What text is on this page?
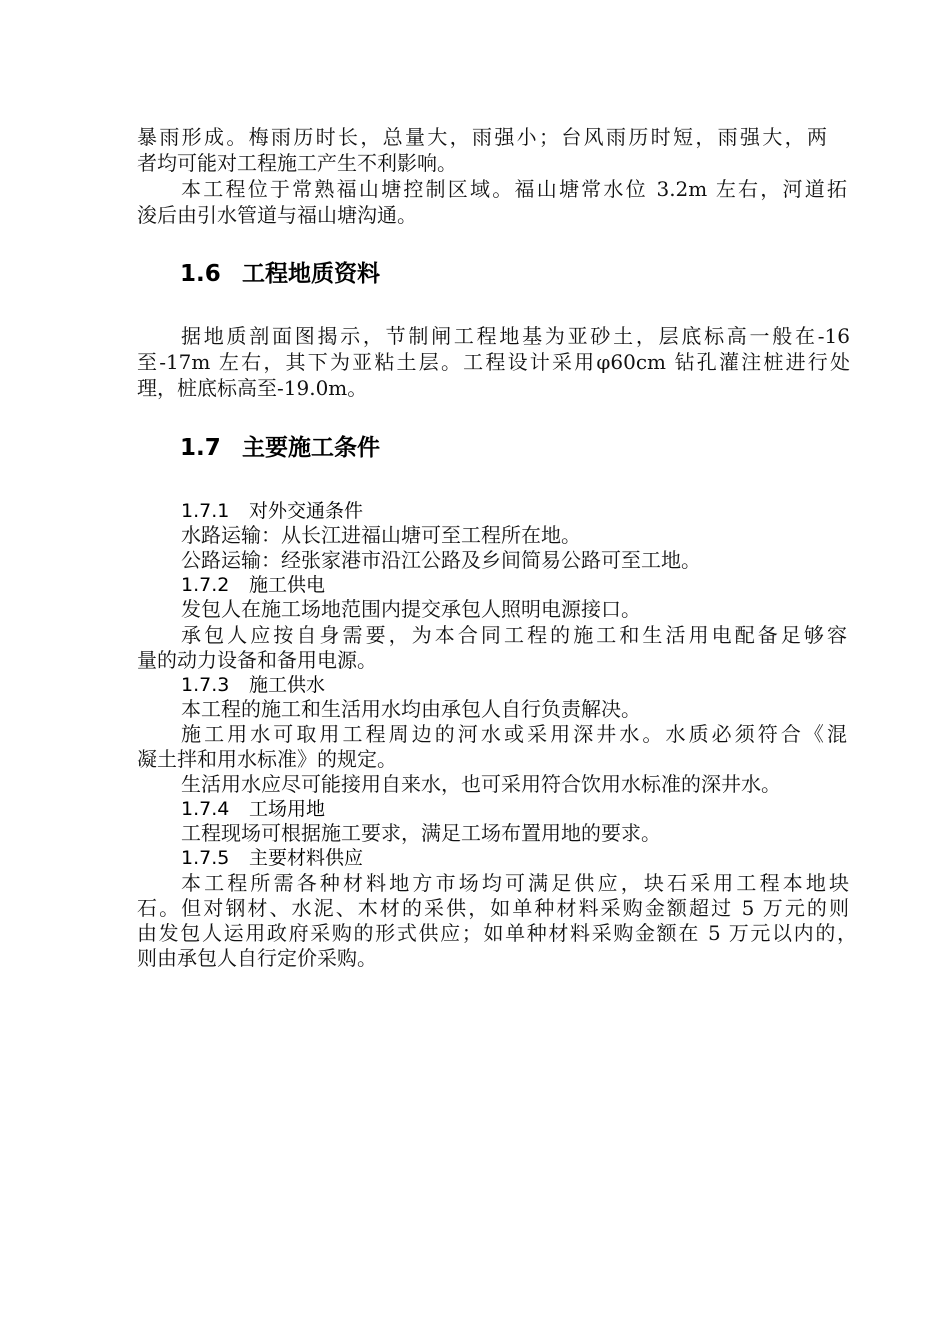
暴雨形成。梅雨历时长，总量大，雨强小；台风雨历时短，雨强大，两
者均可能对工程施工产生不利影响。
本工程位于常熟福山塘控制区域。福山塘常水位 3.2m 左右，河道拓
浚后由引水管道与福山塘沟通。
1.6 工程地质资料
据地质剖面图揭示，节制闸工程地基为亚砂土，层底标高一般在-16
至-17m 左右，其下为亚粘土层。工程设计采用φ60cm 钻孔灌注桩进行处
理，桩底标高至-19.0m。
1.7 主要施工条件
1.7.1 对外交通条件
水路运输：从长江进福山塘可至工程所在地。
公路运输：经张家港市沿江公路及乡间简易公路可至工地。
1.7.2 施工供电
发包人在施工场地范围内提交承包人照明电源接口。
承包人应按自身需要，为本合同工程的施工和生活用电配备足够容
量的动力设备和备用电源。
1.7.3 施工供水
本工程的施工和生活用水均由承包人自行负责解决。
施工用水可取用工程周边的河水或采用深井水。水质必须符合《混
凝土拌和用水标准》的规定。
生活用水应尽可能接用自来水，也可采用符合饮用水标准的深井水。
1.7.4 工场用地
工程现场可根据施工要求，满足工场布置用地的要求。
1.7.5 主要材料供应
本工程所需各种材料地方市场均可满足供应，块石采用工程本地块
石。但对钢材、水泥、木材的采供，如单种材料采购金额超过 5 万元的则
由发包人运用政府采购的形式供应；如单种材料采购金额在 5 万元以内的，
则由承包人自行定价采购。
